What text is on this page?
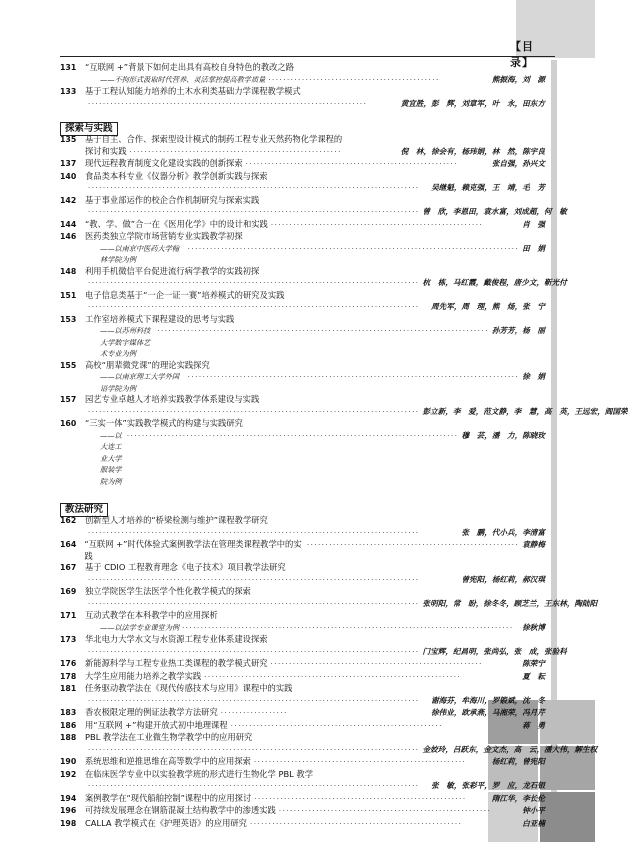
【目　录】
131 “互联网 +”背景下如何走出具有高校自身特色的教改之路
——不拘形式汲取时代营养、灵活掌控提高教学质量 ··············································	熊振海，刘　源
133 基于工程认知能力培养的土木水利类基础力学课程教学模式
···········································································	黄宜胜，彭　辉，刘章军，叶　永，田东方
探索与实践
135 基于自主、合作、探索型设计模式的制药工程专业天然药物化学课程的
探讨和实践 ·························································	倪　林，徐会有，杨玮娟，林　然，陈宇良
137	现代远程教育制度文化建设实践的创新探索 ·························································	张自强，孙兴文
140 食品类本科专业《仪器分析》教学创新实践与探索
·························································································	吴继魁，赖克强，王　靖，毛　芳
142 基于事业部运作的校企合作机制研究与探索实践
························································································· 曾　欣，李恩田，袁水富，刘成超，何　敏
144	“教、学、做”合一在《医用化学》中的设计和实践 ·························································	肖　强
146 医药类独立学院市场营销专业实践教学初探
——以南京中医药大学翰林学院为例
························································································· 田　娟
148 利用手机微信平台促进流行病学教学的实践初探
························································································· 杭　栋，马红霞，戴俊程，唐少文，靳光付
151 电子信息类基于“一企一证一赛”培养模式的研究及实践
·························································································	周先军，周　理，熊　炀，张　宁
153 工作室培养模式下课程建设的思考与实践
——以苏州科技大学数字媒体艺术专业为例
························································································· 孙芳芳，杨　丽
155 高校“朋辈微党课”的理论实践探究
——以南京理工大学外国语学院为例
························································································· 徐　娟
157 园艺专业卓越人才培养实践教学体系建设与实践
························································································· 彭立新，李　爱，范文静，李　慧，高　英，王远宏，阎国荣
160 “三实一体”实践教学模式的构建与实践研究
——以大连工业大学服装学院为例
························································································· 穆　芸，潘　力，陈晓玫
教法研究
162 创新型人才培养的“桥梁检测与维护”课程教学研究
·························································································	张　鹏，代小兵，李清富
164 “互联网 +”时代体验式案例教学法在管理类课程教学中的实践
························································· 袁静梅
167 基于 CDIO 工程教育理念《电子技术》项目教学法研究
·························································································	曾宪阳，杨红莉，郝汉琪
169 独立学院医学生法医学个性化教学模式的探索
························································································· 张明阳，常　盼，徐冬冬，顾芝兰，王东林，陶陆阳
171 互动式教学在本科教学中的应用探析
——以法学专业课堂为例 ·························································································	徐秋博
173 华北电力大学水文与水资源工程专业体系建设探索
························································································· 门宝辉，纪昌明，张尚弘，张　成，张验科
176	新能源科学与工程专业热工类课程的教学模式研究 ·························································	陈荣宁
178	大学生应用能力培养之教学实践 ·····································································	夏　耘
181 任务驱动教学法在《现代传感技术与应用》课程中的实践
·························································································	谢海芬，牟海川，罗锻斌，沈　冬
183	香农极限定理的例证法教学方法研究 ··················	徐伟业，欧承燕，马湘荣，冯月芹
186	用“互联网 +”构建开放式初中地理课程 ·························································	蒋　勇
188 PBL 教学法在工业微生物学教学中的应用研究
························································································· 金姣玲，吕跃东，金文杰，高　云，潘大伟，解生权
190	系统思维和逆推思维在高等数学中的应用探索 ·························································	杨红莉，曾宪阳
192 在临床医学专业中以实验教学班的形式进行生物化学 PBL 教学
·························································································	张　敏，张彩平，罗　应，龙石银
194	案例教学在“现代船舶控制”课程中的应用探讨 ·························································	隋江华，李长伦
196	可持续发展理念在钢筋混凝土结构教学中的渗透实践 ·························································	钟小平
198	CALLA 教学模式在《护理英语》的应用研究 ·························································	白亚楠
